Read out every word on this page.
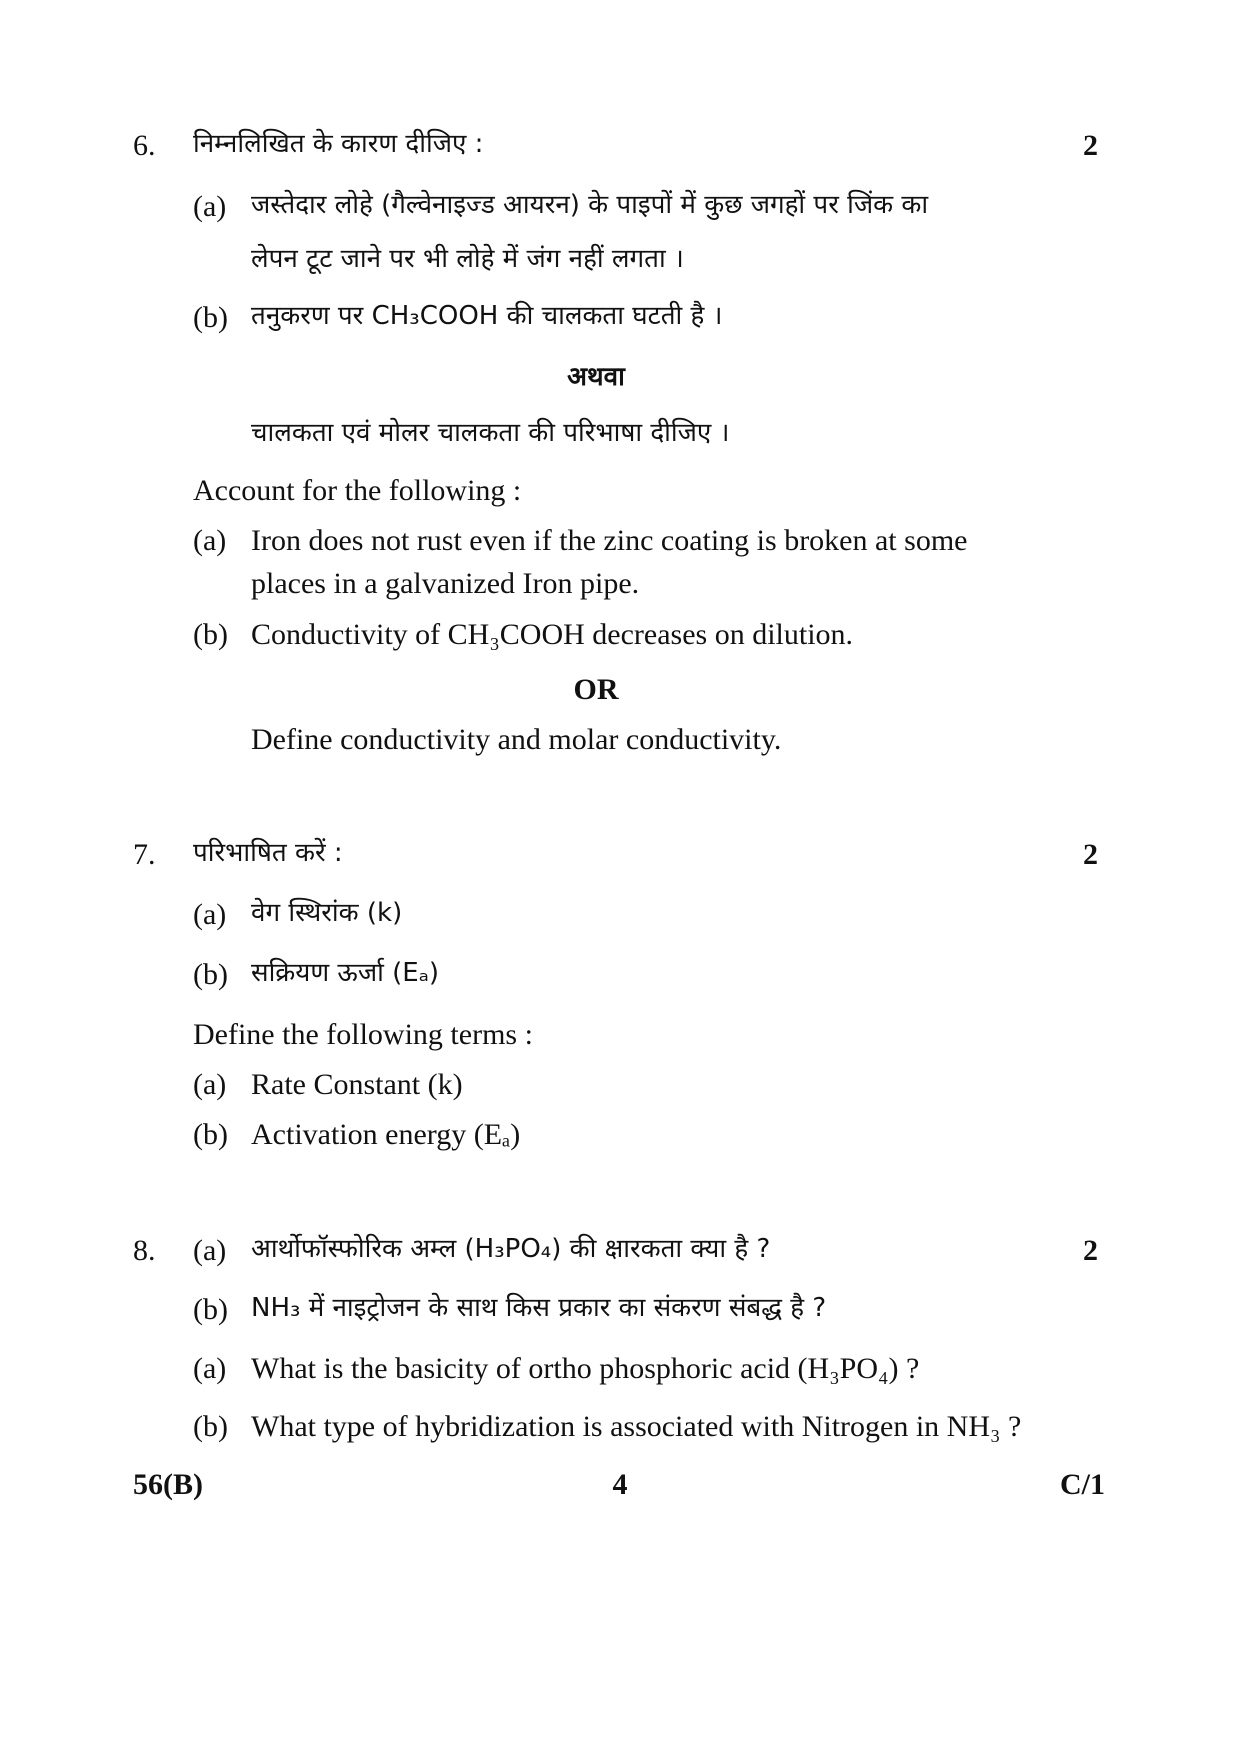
6. निम्नलिखित के कारण दीजिए :	2
(a) जस्तेदार लोहे (गैल्वेनाइज्ड आयरन) के पाइपों में कुछ जगहों पर जिंक का
लेपन टूट जाने पर भी लोहे में जंग नहीं लगता ।
(b) तनुकरण पर CH₃COOH की चालकता घटती है ।
अथवा
चालकता एवं मोलर चालकता की परिभाषा दीजिए ।
Account for the following :
(a) Iron does not rust even if the zinc coating is broken at some
places in a galvanized Iron pipe.
(b) Conductivity of CH₃COOH decreases on dilution.
OR
Define conductivity and molar conductivity.
7. परिभाषित करें :	2
(a) वेग स्थिरांक (k)
(b) सक्रियण ऊर्जा (Eₐ)
Define the following terms :
(a) Rate Constant (k)
(b) Activation energy (Eₐ)
8. (a) आर्थोफॉस्फोरिक अम्ल (H₃PO₄) की क्षारकता क्या है ?	2
(b) NH₃ में नाइट्रोजन के साथ किस प्रकार का संकरण संबद्ध है ?
(a) What is the basicity of ortho phosphoric acid (H₃PO₄) ?
(b) What type of hybridization is associated with Nitrogen in NH₃ ?
56(B)	4	C/1
